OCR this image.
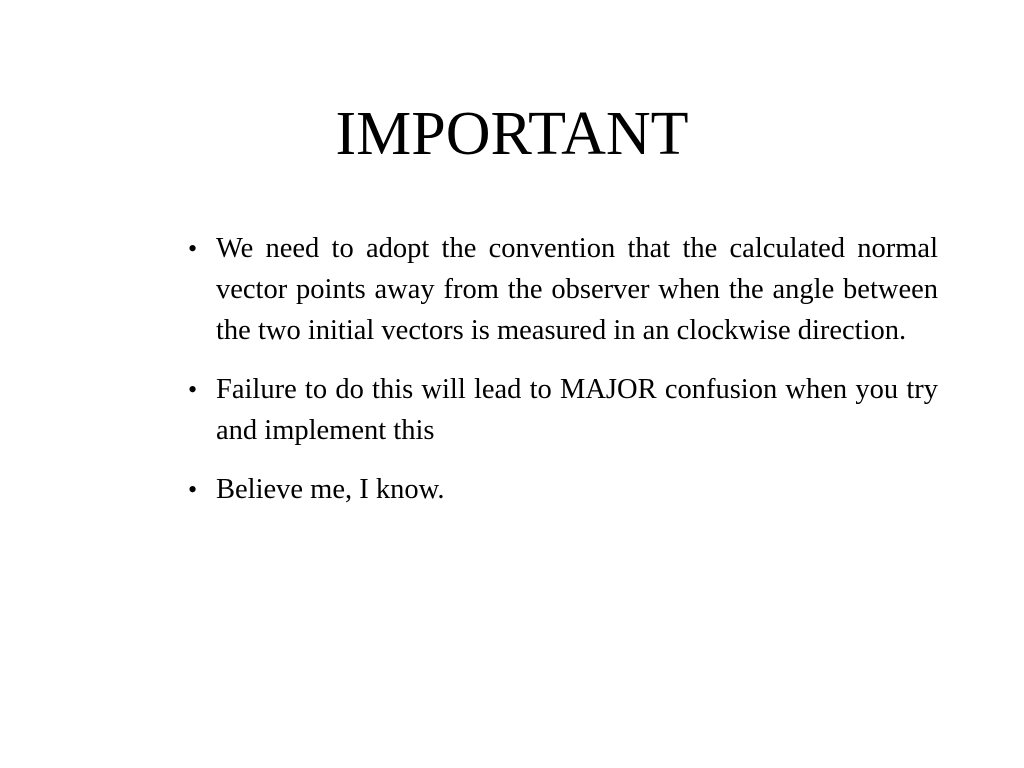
IMPORTANT
• We need to adopt the convention that the calculated normal vector points away from the observer when the angle between the two initial vectors is measured in an clockwise direction.
• Failure to do this will lead to MAJOR confusion when you try and implement this
• Believe me, I know.
